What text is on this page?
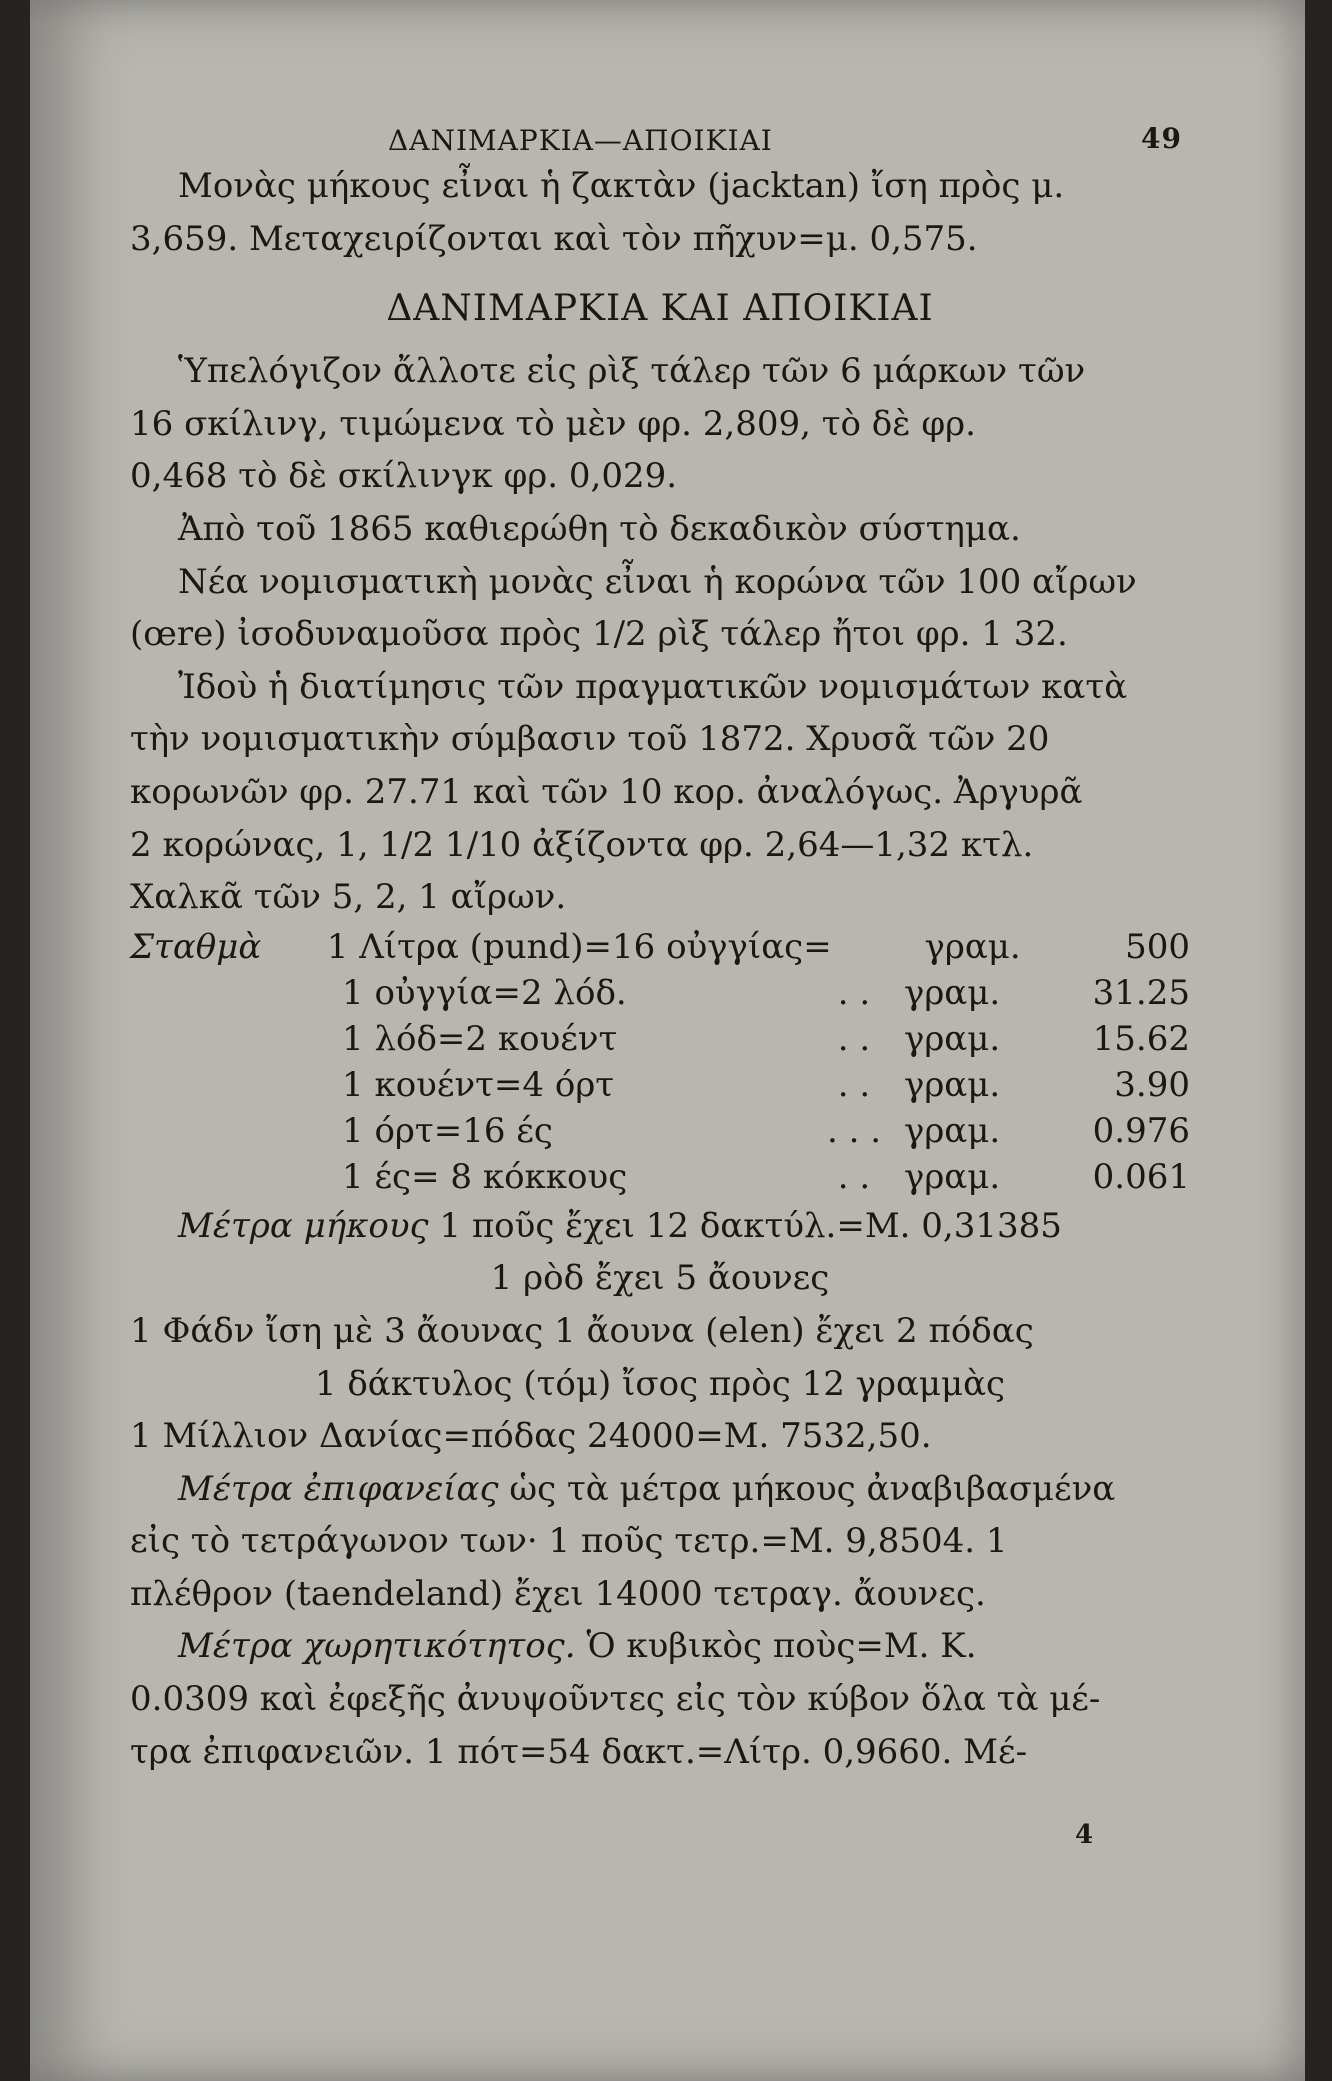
ΔΑΝΙΜΑΡΚΙΑ—ΑΠΟΙΚΙΑΙ	49
Μονὰς μήκους εἶναι ἡ ζακτὰν (jacktan) ἴση πρὸς μ.
3,659. Μεταχειρίζονται καὶ τὸν πῆχυν=μ. 0,575.
ΔΑΝΙΜΑΡΚΙΑ ΚΑΙ ΑΠΟΙΚΙΑΙ
Ὑπελόγιζον ἄλλοτε εἰς ρὶξ τάλερ τῶν 6 μάρκων τῶν
16 σκίλινγ, τιμώμενα τὸ μὲν φρ. 2,809, τὸ δὲ φρ.
0,468 τὸ δὲ σκίλινγκ φρ. 0,029.
Ἀπὸ τοῦ 1865 καθιερώθη τὸ δεκαδικὸν σύστημα.
Νέα νομισματικὴ μονὰς εἶναι ἡ κορώνα τῶν 100 αἴρων
(œre) ἰσοδυναμοῦσα πρὸς 1/2 ρὶξ τάλερ ἤτοι φρ. 1 32.
Ἰδοὺ ἡ διατίμησις τῶν πραγματικῶν νομισμάτων κατὰ
τὴν νομισματικὴν σύμβασιν τοῦ 1872. Χρυσᾶ τῶν 20
κορωνῶν φρ. 27.71 καὶ τῶν 10 κορ. ἀναλόγως. Ἀργυρᾶ
2 κορώνας, 1, 1/2 1/10 ἀξίζοντα φρ. 2,64—1,32 κτλ.
Χαλκᾶ τῶν 5, 2, 1 αἴρων.
Σταθμὰ	1 Λίτρα (pund)=16 οὐγγίας=	γραμ.	500
1 οὐγγία=2 λόδ.	. . γραμ.	31.25
1 λόδ=2 κουέντ	. . γραμ.	15.62
1 κουέντ=4 όρτ	. . γραμ.	3.90
1 όρτ=16 ές	. . . γραμ.	0.976
1 ές= 8 κόκκους	. . γραμ.	0.061
Μέτρα μήκους 1 ποῦς ἔχει 12 δακτύλ.=Μ. 0,31385
1 ρὸδ ἔχει 5 ἄουνες
1 Φάδν ἴση μὲ 3 ἄουνας 1 ἄουνα (elen) ἔχει 2 πόδας
1 δάκτυλος (τόμ) ἴσος πρὸς 12 γραμμὰς
1 Μίλλιον Δανίας=πόδας 24000=Μ. 7532,50.
Μέτρα ἐπιφανείας ὡς τὰ μέτρα μήκους ἀναβιβασμένα
εἰς τὸ τετράγωνον των· 1 ποῦς τετρ.=Μ. 9,8504. 1
πλέθρον (taendeland) ἔχει 14000 τετραγ. ἄουνες.
Μέτρα χωρητικότητος. Ὁ κυβικὸς ποὺς=Μ. Κ.
0.0309 καὶ ἐφεξῆς ἀνυψοῦντες εἰς τὸν κύβον ὅλα τὰ μέ-
τρα ἐπιφανειῶν. 1 πότ=54 δακτ.=Λίτρ. 0,9660. Μέ-
4
